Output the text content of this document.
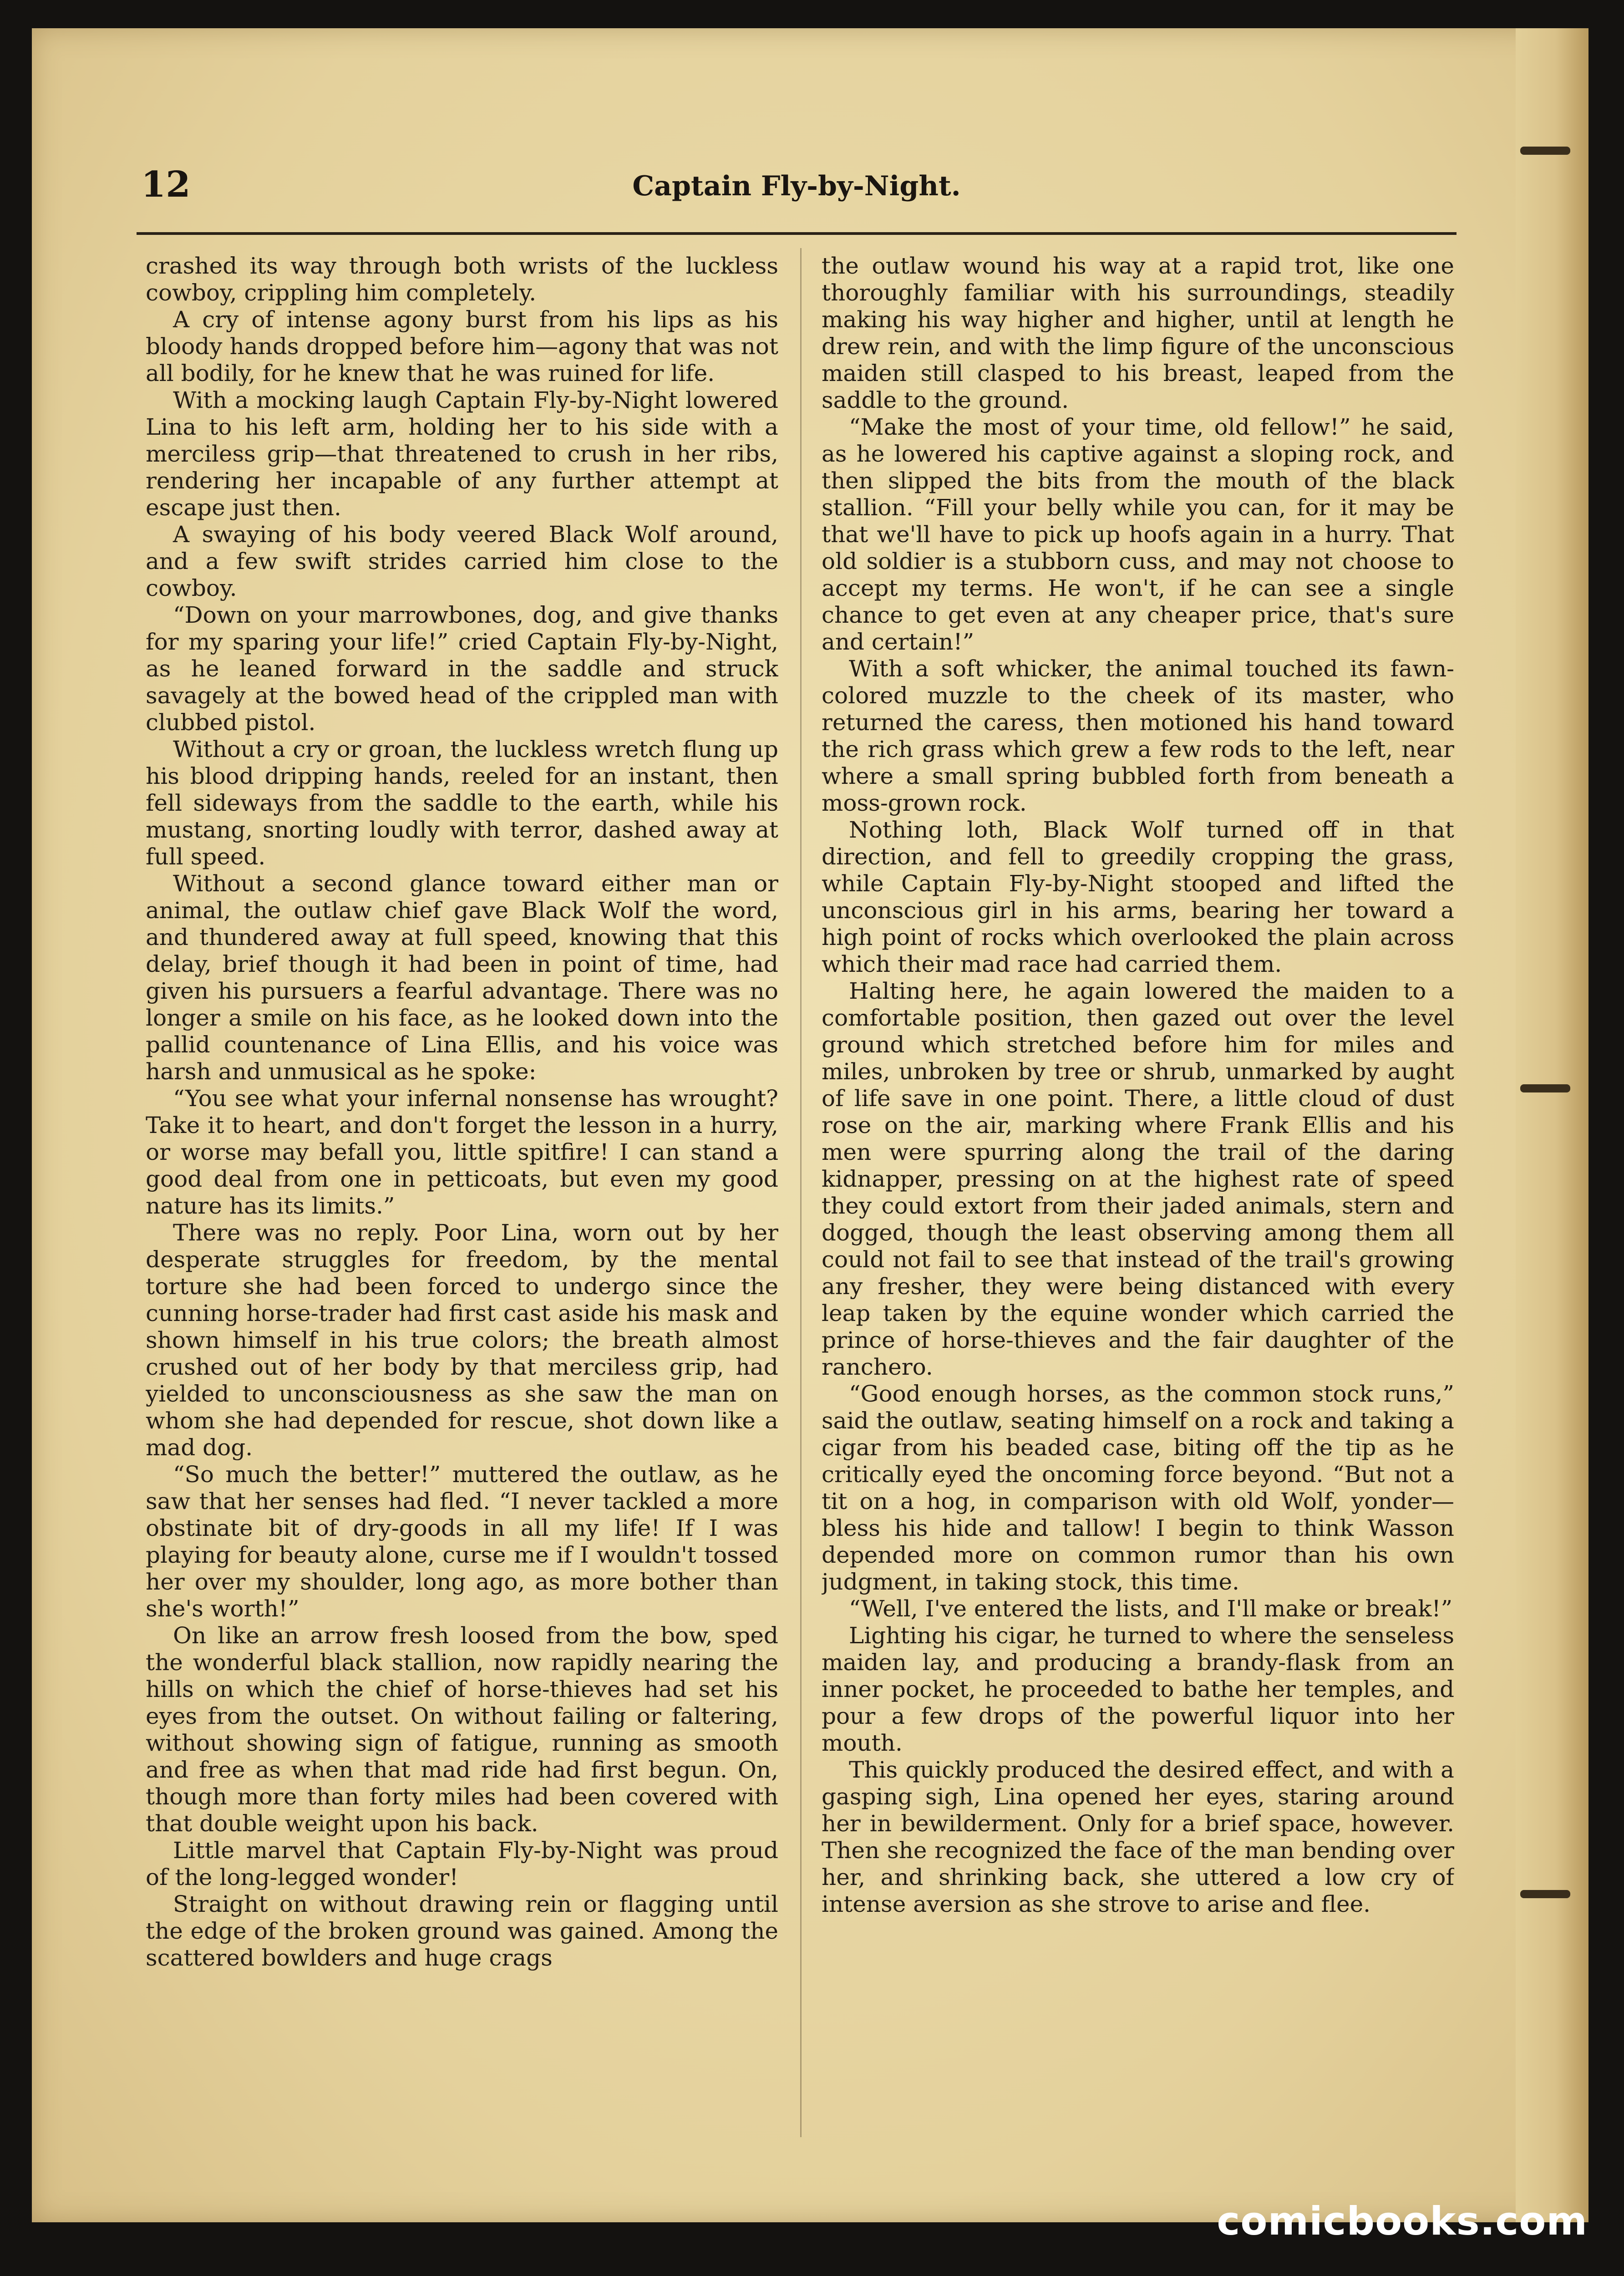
12	Captain Fly-by-Night.

crashed its way through both wrists of the luckless cowboy, crippling him completely.

A cry of intense agony burst from his lips as his bloody hands dropped before him—agony that was not all bodily, for he knew that he was ruined for life.

With a mocking laugh Captain Fly-by-Night lowered Lina to his left arm, holding her to his side with a merciless grip—that threatened to crush in her ribs, rendering her incapable of any further attempt at escape just then.

A swaying of his body veered Black Wolf around, and a few swift strides carried him close to the cowboy.

“Down on your marrowbones, dog, and give thanks for my sparing your life!” cried Captain Fly-by-Night, as he leaned forward in the saddle and struck savagely at the bowed head of the crippled man with clubbed pistol.

Without a cry or groan, the luckless wretch flung up his blood dripping hands, reeled for an instant, then fell sideways from the saddle to the earth, while his mustang, snorting loudly with terror, dashed away at full speed.

Without a second glance toward either man or animal, the outlaw chief gave Black Wolf the word, and thundered away at full speed, knowing that this delay, brief though it had been in point of time, had given his pursuers a fearful advantage. There was no longer a smile on his face, as he looked down into the pallid countenance of Lina Ellis, and his voice was harsh and unmusical as he spoke:

“You see what your infernal nonsense has wrought? Take it to heart, and don't forget the lesson in a hurry, or worse may befall you, little spitfire! I can stand a good deal from one in petticoats, but even my good nature has its limits.”

There was no reply. Poor Lina, worn out by her desperate struggles for freedom, by the mental torture she had been forced to undergo since the cunning horse-trader had first cast aside his mask and shown himself in his true colors; the breath almost crushed out of her body by that merciless grip, had yielded to unconsciousness as she saw the man on whom she had depended for rescue, shot down like a mad dog.

“So much the better!” muttered the outlaw, as he saw that her senses had fled. “I never tackled a more obstinate bit of dry-goods in all my life! If I was playing for beauty alone, curse me if I wouldn't tossed her over my shoulder, long ago, as more bother than she's worth!”

On like an arrow fresh loosed from the bow, sped the wonderful black stallion, now rapidly nearing the hills on which the chief of horse-thieves had set his eyes from the outset. On without failing or faltering, without showing sign of fatigue, running as smooth and free as when that mad ride had first begun. On, though more than forty miles had been covered with that double weight upon his back.

Little marvel that Captain Fly-by-Night was proud of the long-legged wonder!

Straight on without drawing rein or flagging until the edge of the broken ground was gained. Among the scattered bowlders and huge crags

the outlaw wound his way at a rapid trot, like one thoroughly familiar with his surroundings, steadily making his way higher and higher, until at length he drew rein, and with the limp figure of the unconscious maiden still clasped to his breast, leaped from the saddle to the ground.

“Make the most of your time, old fellow!” he said, as he lowered his captive against a sloping rock, and then slipped the bits from the mouth of the black stallion. “Fill your belly while you can, for it may be that we'll have to pick up hoofs again in a hurry. That old soldier is a stubborn cuss, and may not choose to accept my terms. He won't, if he can see a single chance to get even at any cheaper price, that's sure and certain!”

With a soft whicker, the animal touched its fawn-colored muzzle to the cheek of its master, who returned the caress, then motioned his hand toward the rich grass which grew a few rods to the left, near where a small spring bubbled forth from beneath a moss-grown rock.

Nothing loth, Black Wolf turned off in that direction, and fell to greedily cropping the grass, while Captain Fly-by-Night stooped and lifted the unconscious girl in his arms, bearing her toward a high point of rocks which overlooked the plain across which their mad race had carried them.

Halting here, he again lowered the maiden to a comfortable position, then gazed out over the level ground which stretched before him for miles and miles, unbroken by tree or shrub, unmarked by aught of life save in one point. There, a little cloud of dust rose on the air, marking where Frank Ellis and his men were spurring along the trail of the daring kidnapper, pressing on at the highest rate of speed they could extort from their jaded animals, stern and dogged, though the least observing among them all could not fail to see that instead of the trail's growing any fresher, they were being distanced with every leap taken by the equine wonder which carried the prince of horse-thieves and the fair daughter of the ranchero.

“Good enough horses, as the common stock runs,” said the outlaw, seating himself on a rock and taking a cigar from his beaded case, biting off the tip as he critically eyed the oncoming force beyond. “But not a tit on a hog, in comparison with old Wolf, yonder—bless his hide and tallow! I begin to think Wasson depended more on common rumor than his own judgment, in taking stock, this time.

“Well, I've entered the lists, and I'll make or break!”

Lighting his cigar, he turned to where the senseless maiden lay, and producing a brandy-flask from an inner pocket, he proceeded to bathe her temples, and pour a few drops of the powerful liquor into her mouth.

This quickly produced the desired effect, and with a gasping sigh, Lina opened her eyes, staring around her in bewilderment. Only for a brief space, however. Then she recognized the face of the man bending over her, and shrinking back, she uttered a low cry of intense aversion as she strove to arise and flee.

comicbooks.com
